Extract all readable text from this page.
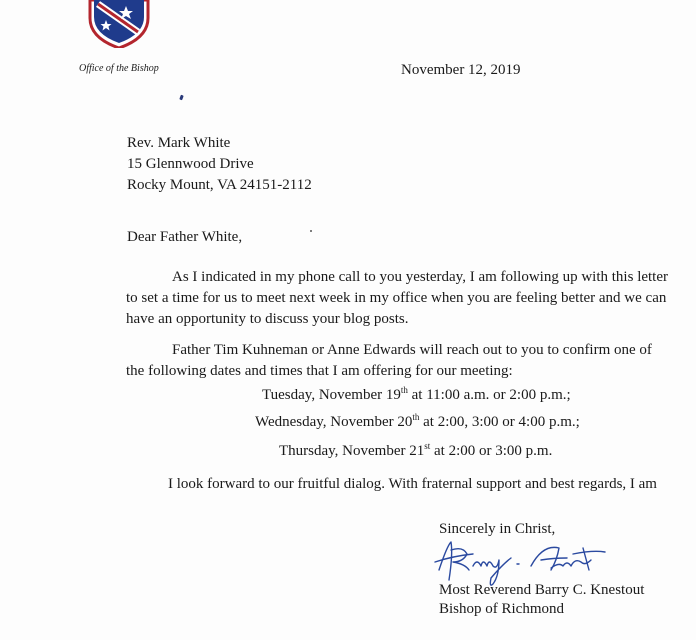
Office of the Bishop	November 12, 2019
Rev. Mark White
15 Glennwood Drive
Rocky Mount, VA 24151-2112
Dear Father White,
As I indicated in my phone call to you yesterday, I am following up with this letter
to set a time for us to meet next week in my office when you are feeling better and we can
have an opportunity to discuss your blog posts.
Father Tim Kuhneman or Anne Edwards will reach out to you to confirm one of
the following dates and times that I am offering for our meeting:
Tuesday, November 19th at 11:00 a.m. or 2:00 p.m.;
Wednesday, November 20th at 2:00, 3:00 or 4:00 p.m.;
Thursday, November 21st at 2:00 or 3:00 p.m.
I look forward to our fruitful dialog. With fraternal support and best regards, I am
Sincerely in Christ,
Most Reverend Barry C. Knestout
Bishop of Richmond
